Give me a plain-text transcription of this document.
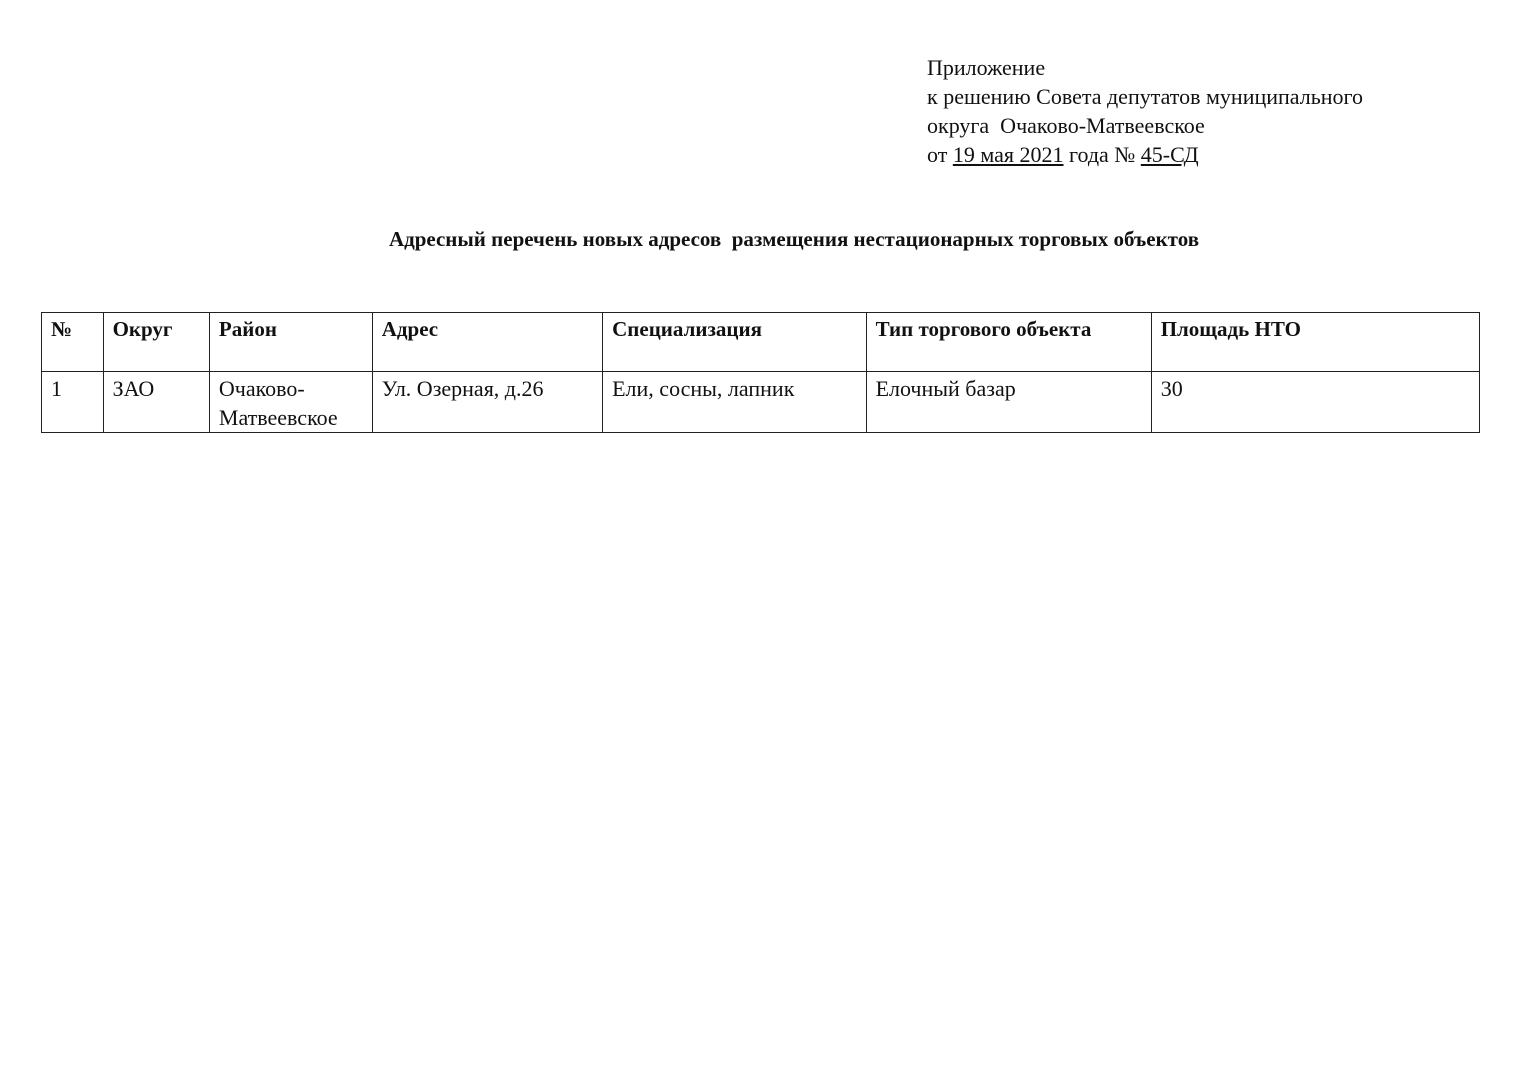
Приложение
к решению Совета депутатов муниципального
округа  Очаково-Матвеевское
от 19 мая 2021 года № 45-СД
Адресный перечень новых адресов  размещения нестационарных торговых объектов
№	Округ	Район	Адрес	Специализация	Тип торгового объекта	Площадь НТО
1	ЗАО	Очаково-Матвеевское	Ул. Озерная, д.26	Ели, сосны, лапник	Елочный базар	30
